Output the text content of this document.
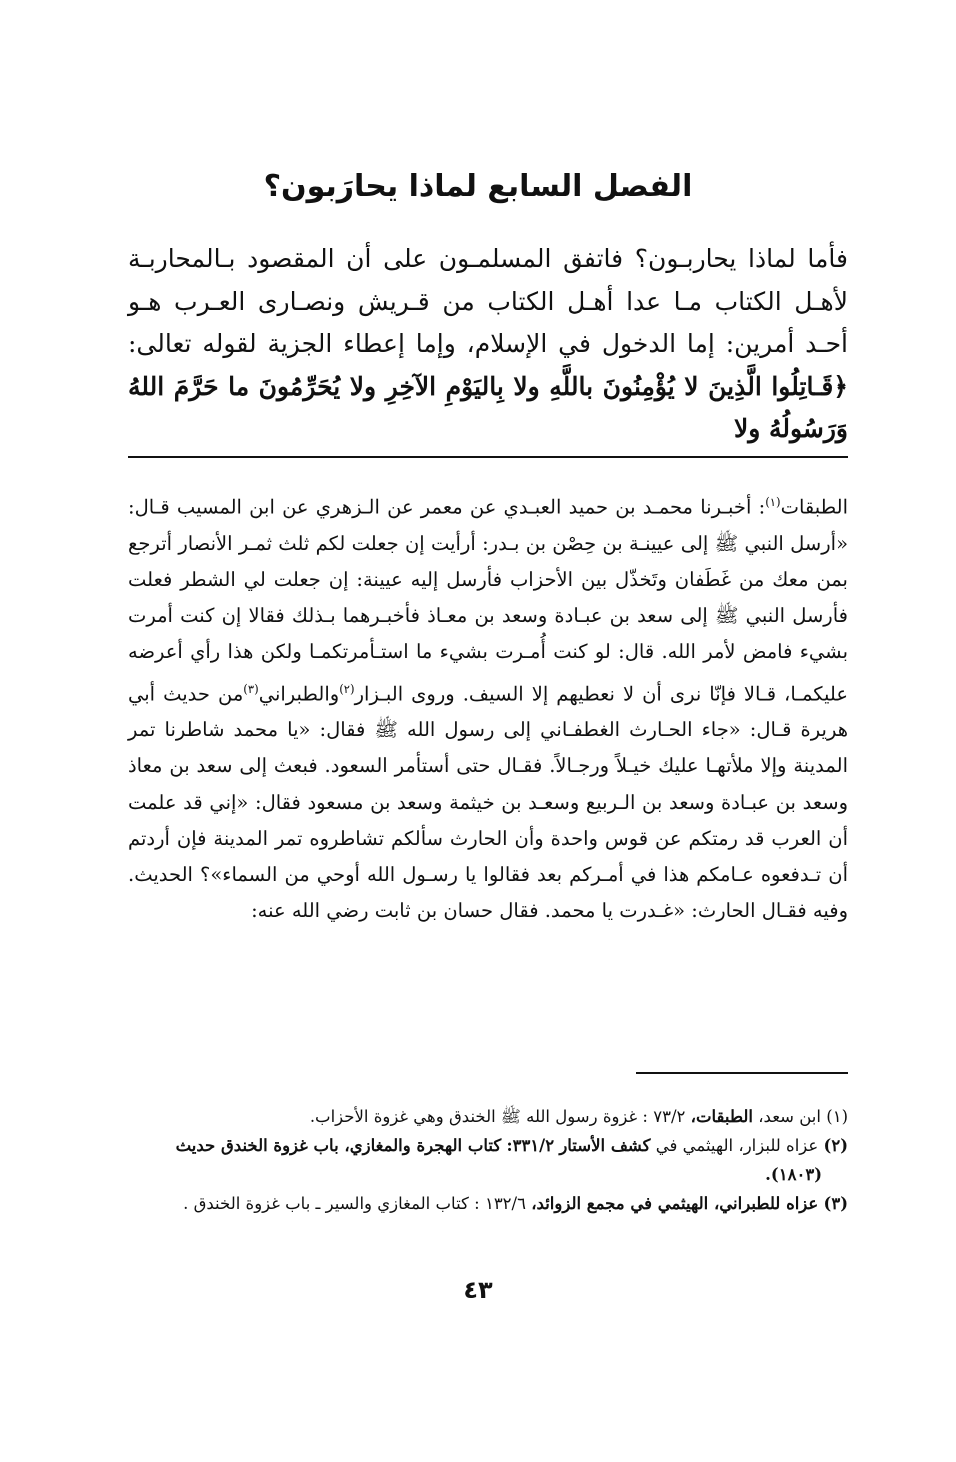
الفصل السابع لماذا يحارَبون؟
فأما لماذا يحاربـون؟ فاتفق المسلمـون على أن المقصود بـالمحاربـة لأهـل الكتاب مـا عدا أهـل الكتاب من قـريش ونصـارى العـرب هـو أحـد أمرين: إما الدخول في الإسلام، وإما إعطاء الجزية لقوله تعالى: ﴿قَـاتِلُوا الَّذِينَ لا يُؤْمِنُونَ باللَّهِ ولا بِاليَوْمِ الآخِرِ ولا يُحَرِّمُونَ ما حَرَّمَ اللهُ وَرَسُولُهُ ولا
الطبقات$^{(١)}$: أخبـرنا محمـد بن حميد العبـدي عن معمر عن الـزهري عن ابن المسيب قـال: «أرسل النبي ﷺ إلى عيينـة بن حِصْن بن بـدر: أرأيت إن جعلت لكم ثلث ثمـر الأنصار أترجع بمن معك من غَطَفان وتَخذّل بين الأحزاب فأرسل إليه عيينة: إن جعلت لي الشطر فعلت فأرسل النبي ﷺ إلى سعد بن عبـادة وسعد بن معـاذ فأخبـرهما بـذلك فقالا إن كنت أمرت بشيء فامض لأمر الله. قال: لو كنت أُمـرت بشيء ما استـأمرتكمـا ولكن هذا رأي أعرضه عليكمـا، قـالا فإنّا نرى أن لا نعطيهم إلا السيف. وروى البـزار$^{(٢)}$والطبراني$^{(٣)}$من حديث أبي هريرة قـال: «جاء الحـارث الغطفـاني إلى رسول الله ﷺ فقال: «يا محمد شاطرنا تمر المدينة وإلا ملأتهـا عليك خيـلاً ورجـالاً. فقـال حتى أستأمر السعود. فبعث إلى سعد بن معاذ وسعد بن عبـادة وسعد بن الـربيع وسعـد بن خيثمة وسعد بن مسعود فقال: «إني قد علمت أن العرب قد رمتكم عن قوس واحدة وأن الحارث سألكم تشاطروه تمر المدينة فإن أردتم أن تـدفعوه عـامكم هذا في أمـركم بعد فقالوا يا رسـول الله أوحي من السماء»؟ الحديث. وفيه فقـال الحارث: «غـدرت يا محمد. فقال حسان بن ثابت رضي الله عنه:

(١) ابن سعد، الطبقات، ٧٣/٢ : غزوة رسول الله ﷺ الخندق وهي غزوة الأحزاب.

(٢) عزاه للبزار، الهيثمي في كشف الأستار ٣٣١/٢: كتاب الهجرة والمغازي، باب غزوة الخندق حديث
(١٨٠٣).

(٣) عزاه للطبراني، الهيثمي في مجمع الزوائد، ١٣٢/٦ : كتاب المغازي والسير ـ باب غزوة الخندق .

٤٣
